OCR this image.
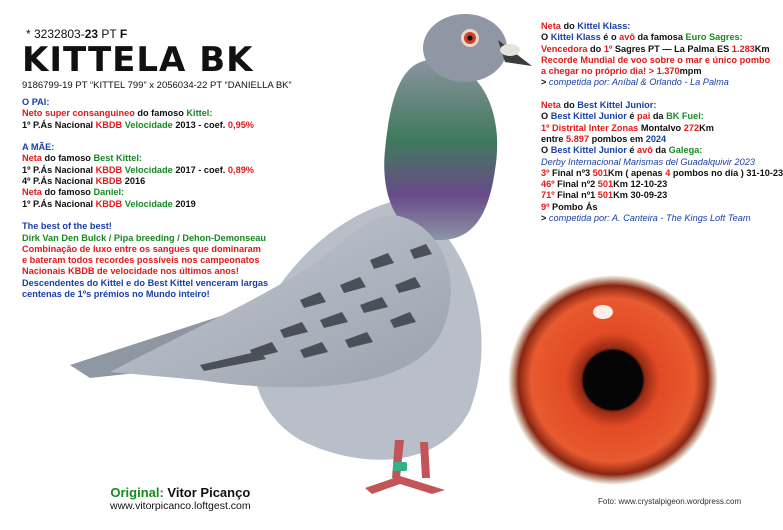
* 3232803-23 PT F
KITTELA BK
9186799-19 PT “KITTEL 799” x 2056034-22 PT “DANIELLA BK”
O PAI:
Neto super consanguineo do famoso Kittel:
1º P.Ás Nacional KBDB Velocidade 2013 - coef. 0,95%

A MÃE:
Neta do famoso Best Kittel:
1º P.Ás Nacional KBDB Velocidade 2017 - coef. 0,89%
4º P.Ás Nacional KBDB 2016
Neta do famoso Daniel:
1º P.Ás Nacional KBDB Velocidade 2019

The best of the best!
Dirk Van Den Bulck / Pipa breeding / Dehon-Demonseau
Combinação de luxo entre os sangues que dominaram
e bateram todos recordes possíveis nos campeonatos
Nacionais KBDB de velocidade nos últimos anos!
Descendentes do Kittel e do Best Kittel venceram largas
centenas de 1ºs prémios no Mundo inteiro!
Neta do Kittel Klass:
O Kittel Klass é o avô da famosa Euro Sagres:
Vencedora do 1º Sagres PT — La Palma ES 1.283Km
Recorde Mundial de voo sobre o mar e único pombo
a chegar no próprio dia! > 1.370mpm
> competida por: Aníbal & Orlando - La Palma

Neta do Best Kittel Junior:
O Best Kittel Junior é pai da BK Fuel:
1º Distrital Inter Zonas Montalvo 272Km
entre 5.897 pombos em 2024
O Best Kittel Junior é avô da Galega:
Derby Internacional Marismas del Guadalquivir 2023
3º Final nº3 501Km ( apenas 4 pombos no dia ) 31-10-23
46º Final nº2 501Km 12-10-23
71º Final nº1 501Km 30-09-23
9º Pombo Ás
> competida por: A. Canteira - The Kings Loft Team
Original: Vitor Picanço
www.vitorpicanco.loftgest.com	Foto: www.crystalpigeon.wordpress.com
